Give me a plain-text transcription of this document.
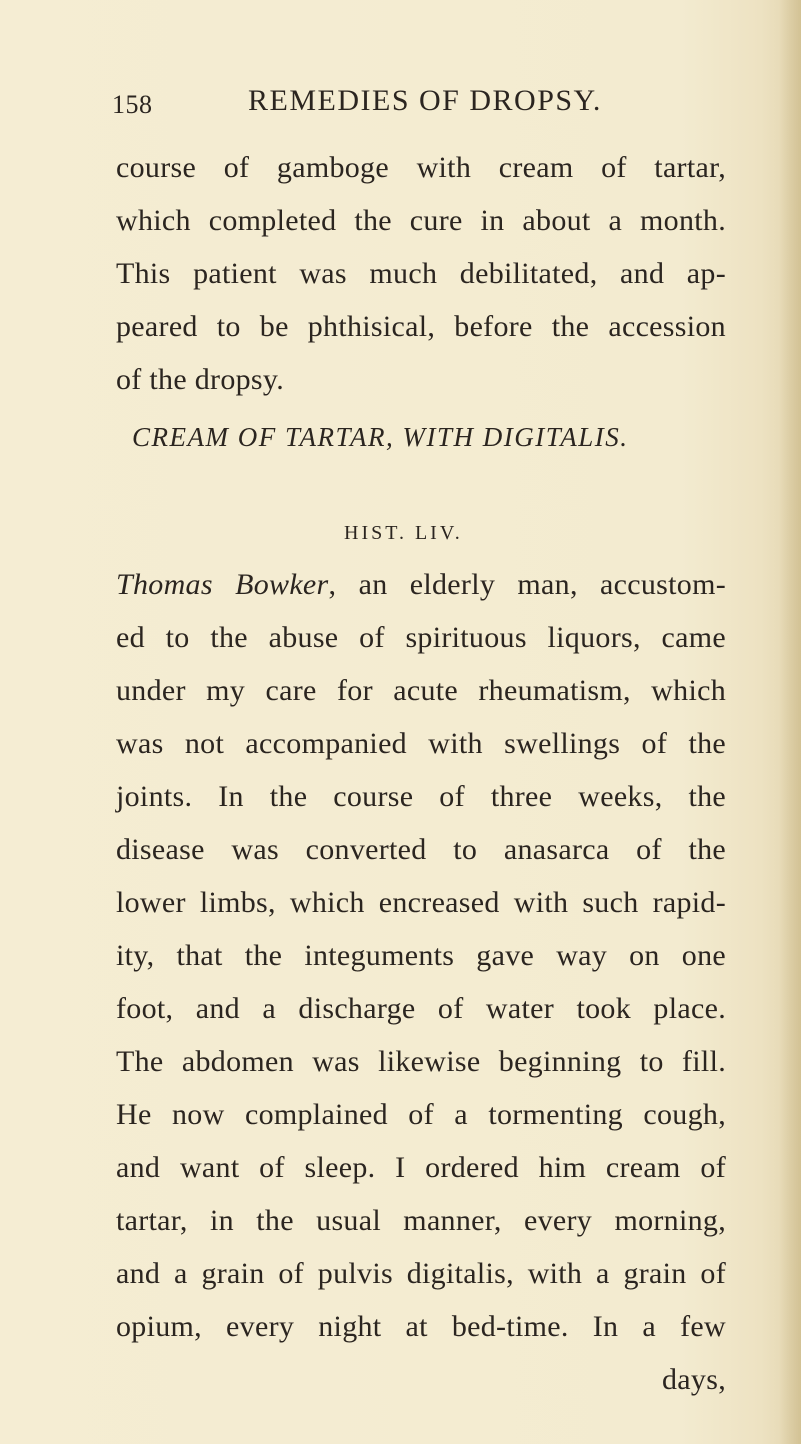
158	REMEDIES OF DROPSY.
course of gamboge with cream of tartar,
which completed the cure in about a month.
This patient was much debilitated, and ap-
peared to be phthisical, before the accession
of the dropsy.
CREAM OF TARTAR, WITH DIGITALIS.
HIST. LIV.
Thomas Bowker, an elderly man, accustom-
ed to the abuse of spirituous liquors, came
under my care for acute rheumatism, which
was not accompanied with swellings of the
joints. In the course of three weeks, the
disease was converted to anasarca of the
lower limbs, which encreased with such rapid-
ity, that the integuments gave way on one
foot, and a discharge of water took place.
The abdomen was likewise beginning to fill.
He now complained of a tormenting cough,
and want of sleep. I ordered him cream of
tartar, in the usual manner, every morning,
and a grain of pulvis digitalis, with a grain of
opium, every night at bed-time. In a few
days,
